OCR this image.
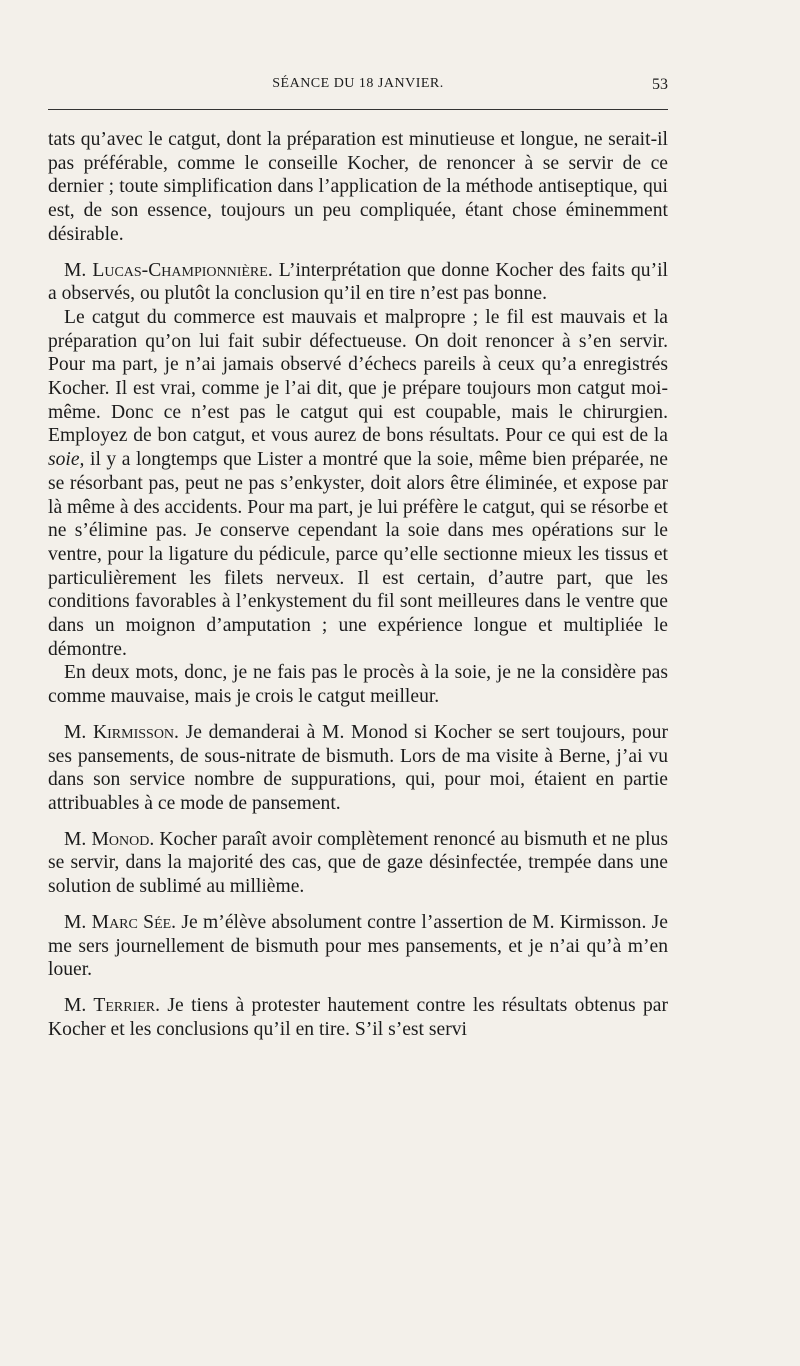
SÉANCE DU 18 JANVIER.	53

tats qu’avec le catgut, dont la préparation est minutieuse et longue, ne serait-il pas préférable, comme le conseille Kocher, de renoncer à se servir de ce dernier ; toute simplification dans l’application de la méthode antiseptique, qui est, de son essence, toujours un peu compliquée, étant chose éminemment désirable.

M. Lucas-Championnière. L’interprétation que donne Kocher des faits qu’il a observés, ou plutôt la conclusion qu’il en tire n’est pas bonne.

Le catgut du commerce est mauvais et malpropre ; le fil est mauvais et la préparation qu’on lui fait subir défectueuse. On doit renoncer à s’en servir. Pour ma part, je n’ai jamais observé d’échecs pareils à ceux qu’a enregistrés Kocher. Il est vrai, comme je l’ai dit, que je prépare toujours mon catgut moi-même. Donc ce n’est pas le catgut qui est coupable, mais le chirurgien. Employez de bon catgut, et vous aurez de bons résultats. Pour ce qui est de la soie, il y a longtemps que Lister a montré que la soie, même bien préparée, ne se résorbant pas, peut ne pas s’enkyster, doit alors être éliminée, et expose par là même à des accidents. Pour ma part, je lui préfère le catgut, qui se résorbe et ne s’élimine pas. Je conserve cependant la soie dans mes opérations sur le ventre, pour la ligature du pédicule, parce qu’elle sectionne mieux les tissus et particulièrement les filets nerveux. Il est certain, d’autre part, que les conditions favorables à l’enkystement du fil sont meilleures dans le ventre que dans un moignon d’amputation ; une expérience longue et multipliée le démontre.

En deux mots, donc, je ne fais pas le procès à la soie, je ne la considère pas comme mauvaise, mais je crois le catgut meilleur.

M. Kirmisson. Je demanderai à M. Monod si Kocher se sert toujours, pour ses pansements, de sous-nitrate de bismuth. Lors de ma visite à Berne, j’ai vu dans son service nombre de suppurations, qui, pour moi, étaient en partie attribuables à ce mode de pansement.

M. Monod. Kocher paraît avoir complètement renoncé au bismuth et ne plus se servir, dans la majorité des cas, que de gaze désinfectée, trempée dans une solution de sublimé au millième.

M. Marc Sée. Je m’élève absolument contre l’assertion de M. Kirmisson. Je me sers journellement de bismuth pour mes pansements, et je n’ai qu’à m’en louer.

M. Terrier. Je tiens à protester hautement contre les résultats obtenus par Kocher et les conclusions qu’il en tire. S’il s’est servi
